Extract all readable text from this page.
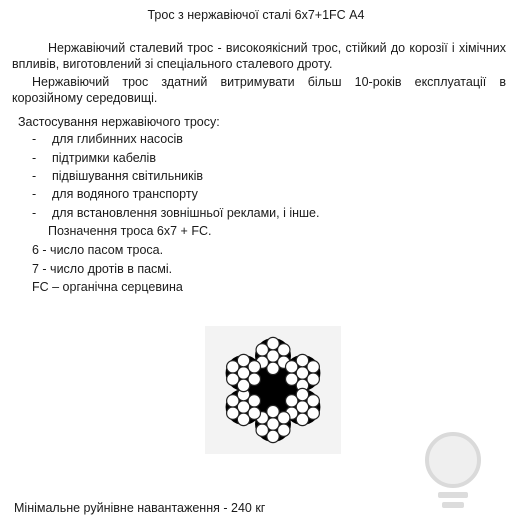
Трос з нержавіючої сталі 6х7+1FC А4
Нержавіючий сталевий трос - високоякісний трос, стійкий до корозії і хімічних впливів, виготовлений зі спеціального сталевого дроту.
Нержавіючий трос здатний витримувати більш 10-років експлуатації в корозійному середовищі.
Застосування нержавіючого тросу:
- для глибинних насосів
- підтримки кабелів
- підвішування світильників
- для водяного транспорту
- для встановлення зовнішньої реклами, і інше.
Позначення троса 6х7 + FC.
6 - число пасом троса.
7 - число дротів в пасмі.
FC – органічна серцевина
Мінімальне руйнівне навантаження - 240 кг
